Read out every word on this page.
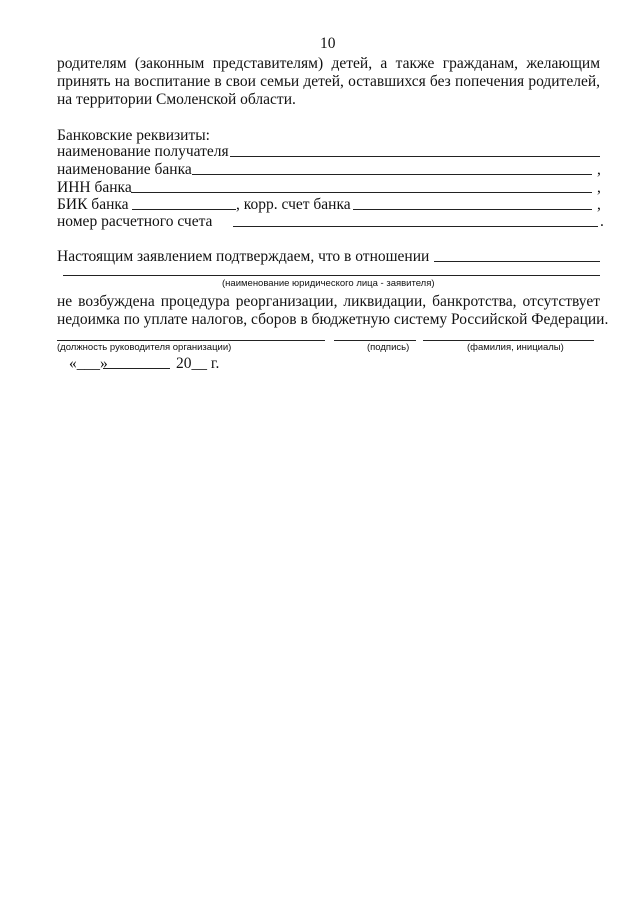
10
родителям (законным представителям) детей, а также гражданам, желающим
принять на воспитание в свои семьи детей, оставшихся без попечения родителей,
на территории Смоленской области.
Банковские реквизиты:
наименование получателя
наименование банка	,
ИНН банка	,
БИК банка	, корр. счет банка	,
номер расчетного счета	.
Настоящим заявлением подтверждаем, что в отношении
(наименование юридического лица - заявителя)
не возбуждена процедура реорганизации, ликвидации, банкротства, отсутствует
недоимка по уплате налогов, сборов в бюджетную систему Российской Федерации.
(должность руководителя организации)	(подпись)	(фамилия, инициалы)
«___»	20__ г.
